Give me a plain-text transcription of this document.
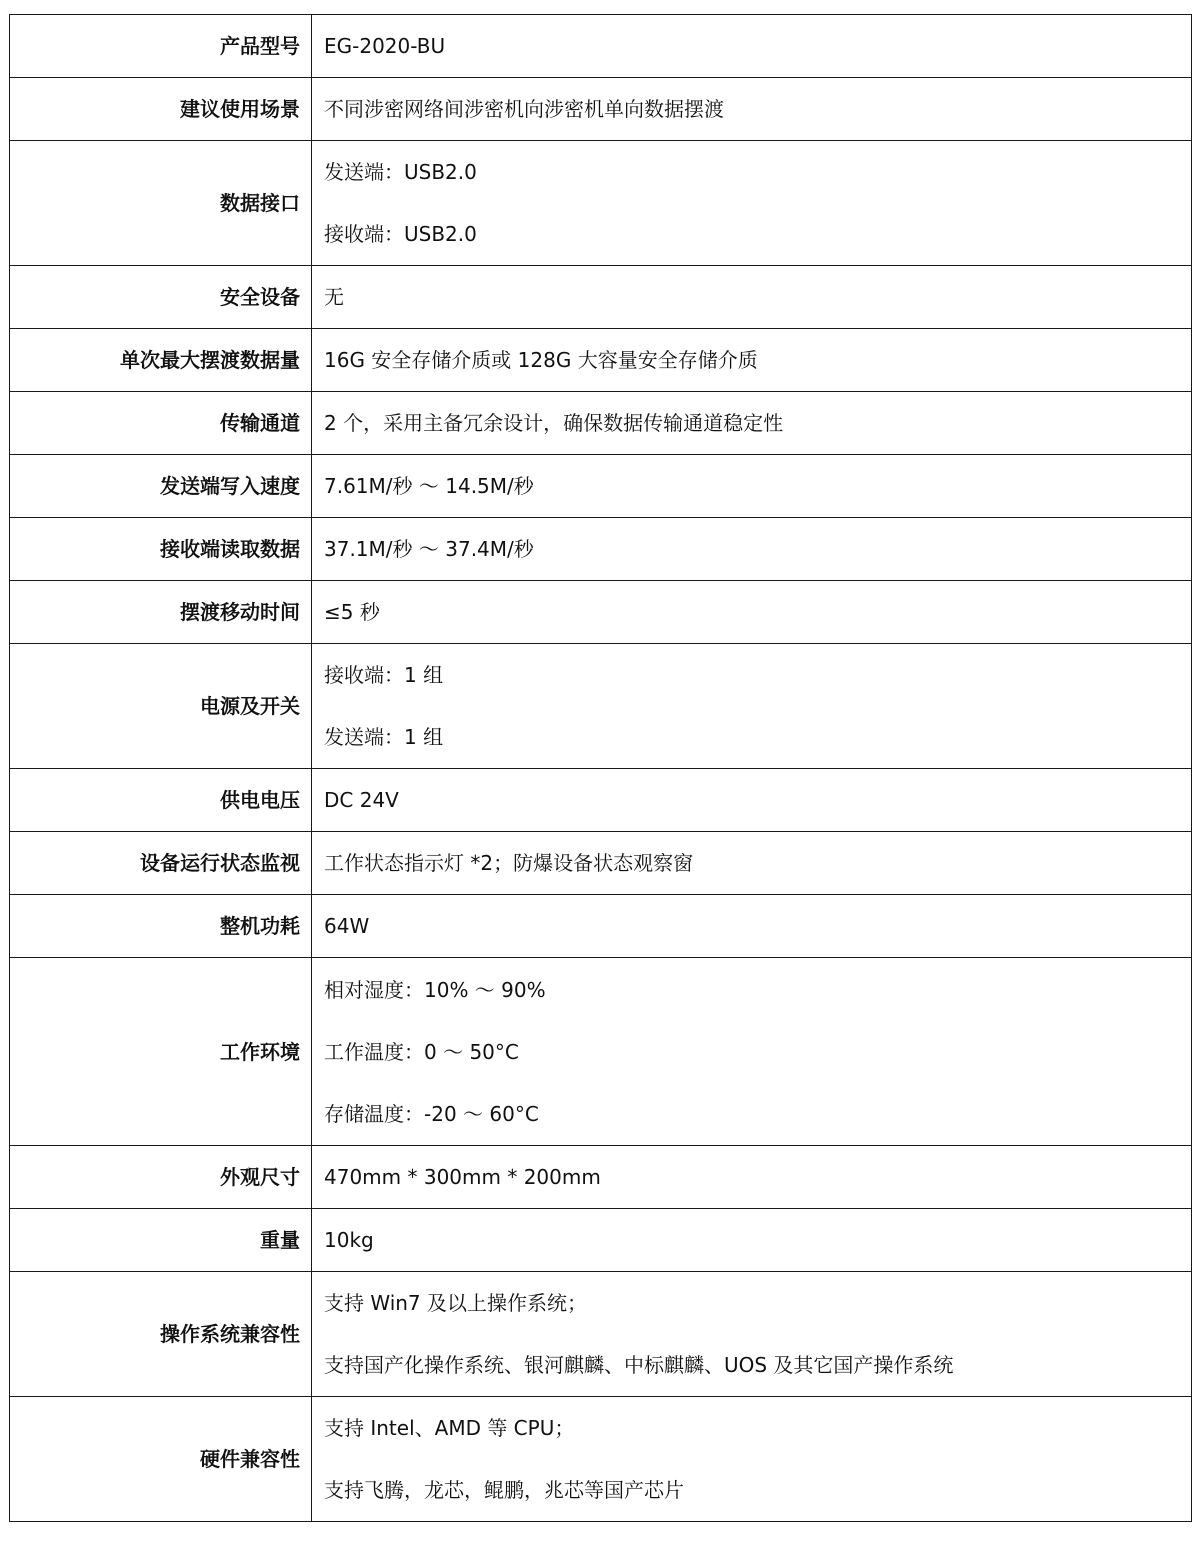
产品型号	EG-2020-BU
建议使用场景	不同涉密网络间涉密机向涉密机单向数据摆渡
数据接口	发送端：USB2.0
接收端：USB2.0

安全设备	无
单次最大摆渡数据量	16G 安全存储介质或 128G 大容量安全存储介质
传输通道	2 个，采用主备冗余设计，确保数据传输通道稳定性
发送端写入速度	7.61M/秒 ～ 14.5M/秒
接收端读取数据	37.1M/秒 ～ 37.4M/秒
摆渡移动时间	≤5 秒
电源及开关	接收端：1 组
发送端：1 组

供电电压	DC 24V
设备运行状态监视	工作状态指示灯 *2；防爆设备状态观察窗
整机功耗	64W
工作环境	相对湿度：10% ～ 90%
工作温度：0 ～ 50°C
存储温度：-20 ～ 60°C

外观尺寸	470mm * 300mm * 200mm
重量	10kg
操作系统兼容性	支持 Win7 及以上操作系统；
支持国产化操作系统、银河麒麟、中标麒麟、UOS 及其它国产操作系统

硬件兼容性	支持 Intel、AMD 等 CPU；
支持飞腾，龙芯，鲲鹏，兆芯等国产芯片
